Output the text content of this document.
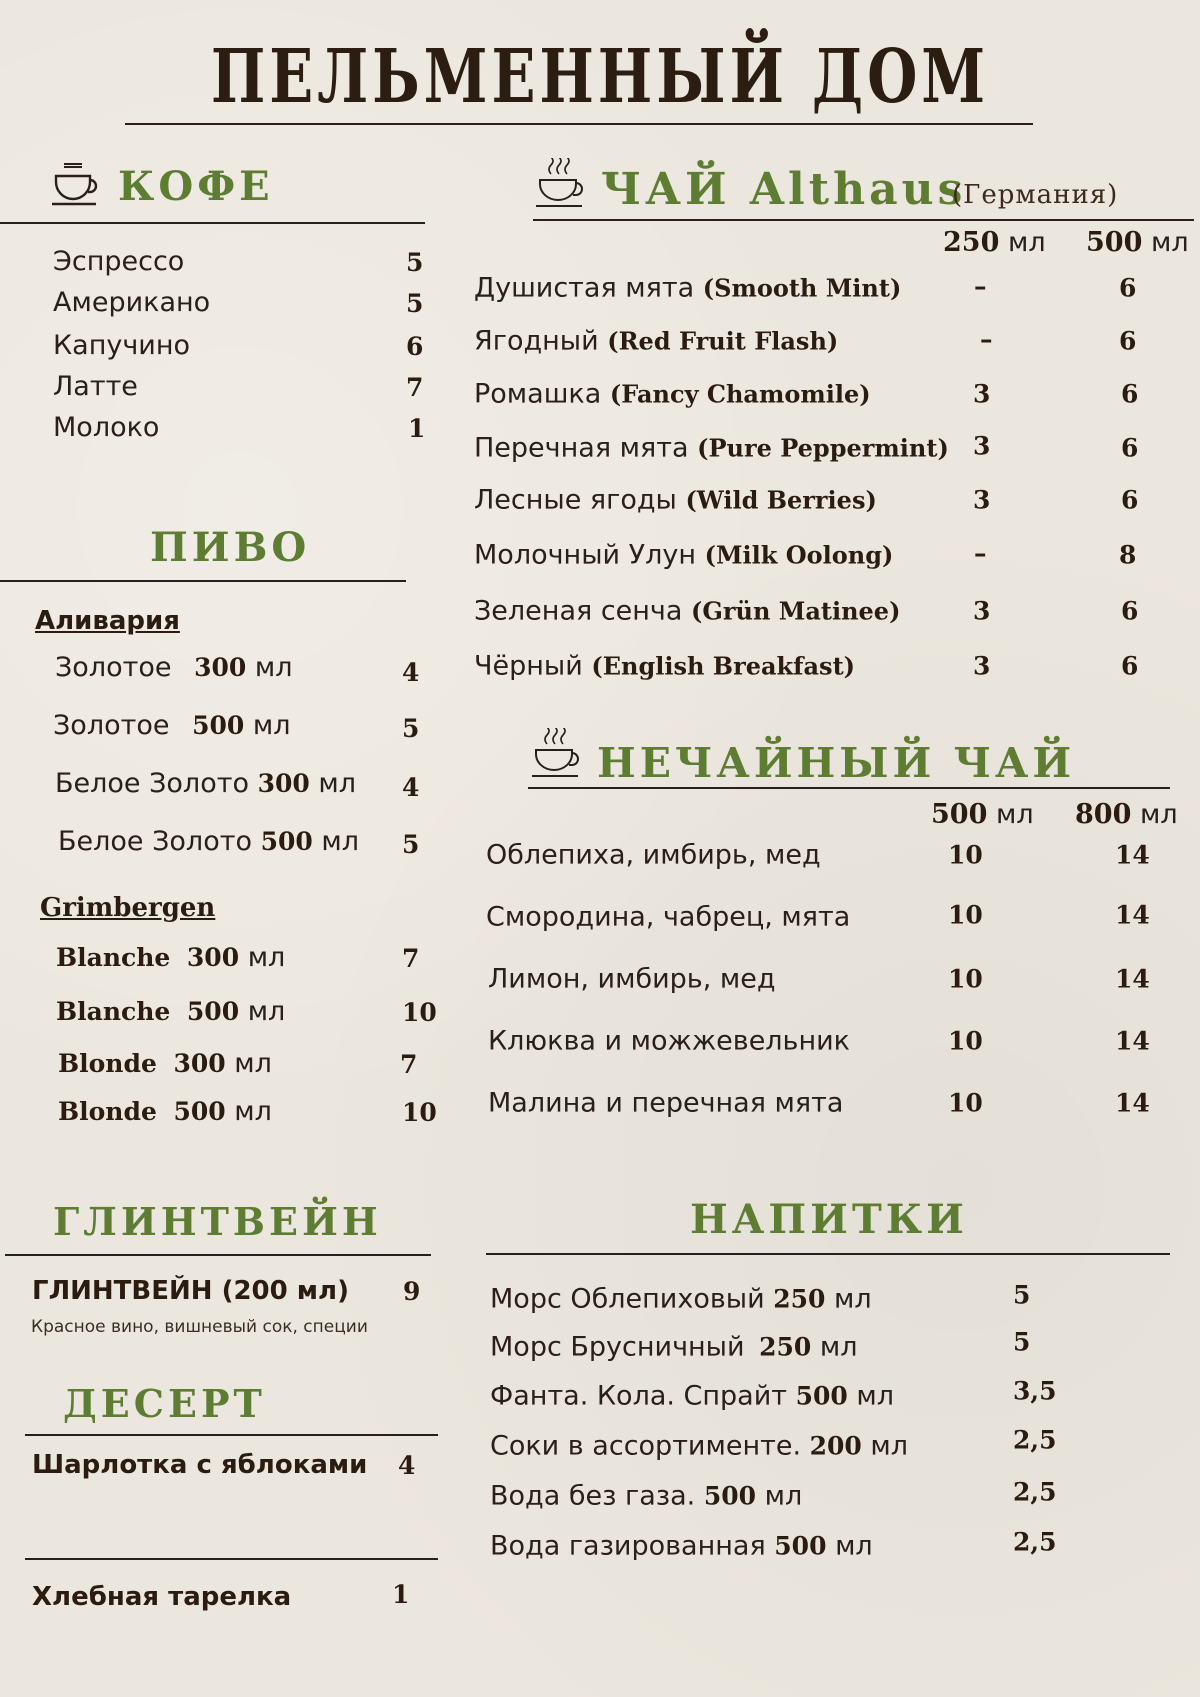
ПЕЛЬМЕННЫЙ ДОМ
КОФЕ
Эспрессо	5
Американо	5
Капучино	6
Латте	7
Молоко	1
ПИВО
Аливария
Золотое 300 мл	4
Золотое 500 мл	5
Белое Золото 300 мл 4
Белое Золото 500 мл 5
Grimbergen
Blanche 300 мл	7
Blanche 500 мл	10
Blonde 300 мл	7
Blonde 500 мл	10
ГЛИНТВЕЙН
ГЛИНТВЕЙН (200 мл) 9
Красное вино, вишневый сок, специи
ДЕСЕРТ
Шарлотка с яблоками 4
Хлебная тарелка	1
ЧАЙ Althaus
(Германия)
250 мл 500 мл
Душистая мята (Smooth Mint)	–	6
Ягодный (Red Fruit Flash)	–	6
Ромашка (Fancy Chamomile)	3	6
Перечная мята (Pure Peppermint) 3	6
Лесные ягоды (Wild Berries)	3	6
Молочный Улун (Milk Oolong)	–	8
Зеленая сенча (Grün Matinee)	3	6
Чёрный (English Breakfast)	3	6
НЕЧАЙНЫЙ ЧАЙ
500 мл 800 мл
Облепиха, имбирь, мед	10	14
Смородина, чабрец, мята	10	14
Лимон, имбирь, мед	10	14
Клюква и можжевельник	10	14
Малина и перечная мята	10	14
НАПИТКИ
Морс Облепиховый 250 мл	5
Морс Брусничный 250 мл	5
Фанта. Кола. Спрайт 500 мл	3,5
Соки в ассортименте. 200 мл	2,5
Вода без газа. 500 мл	2,5
Вода газированная 500 мл	2,5
